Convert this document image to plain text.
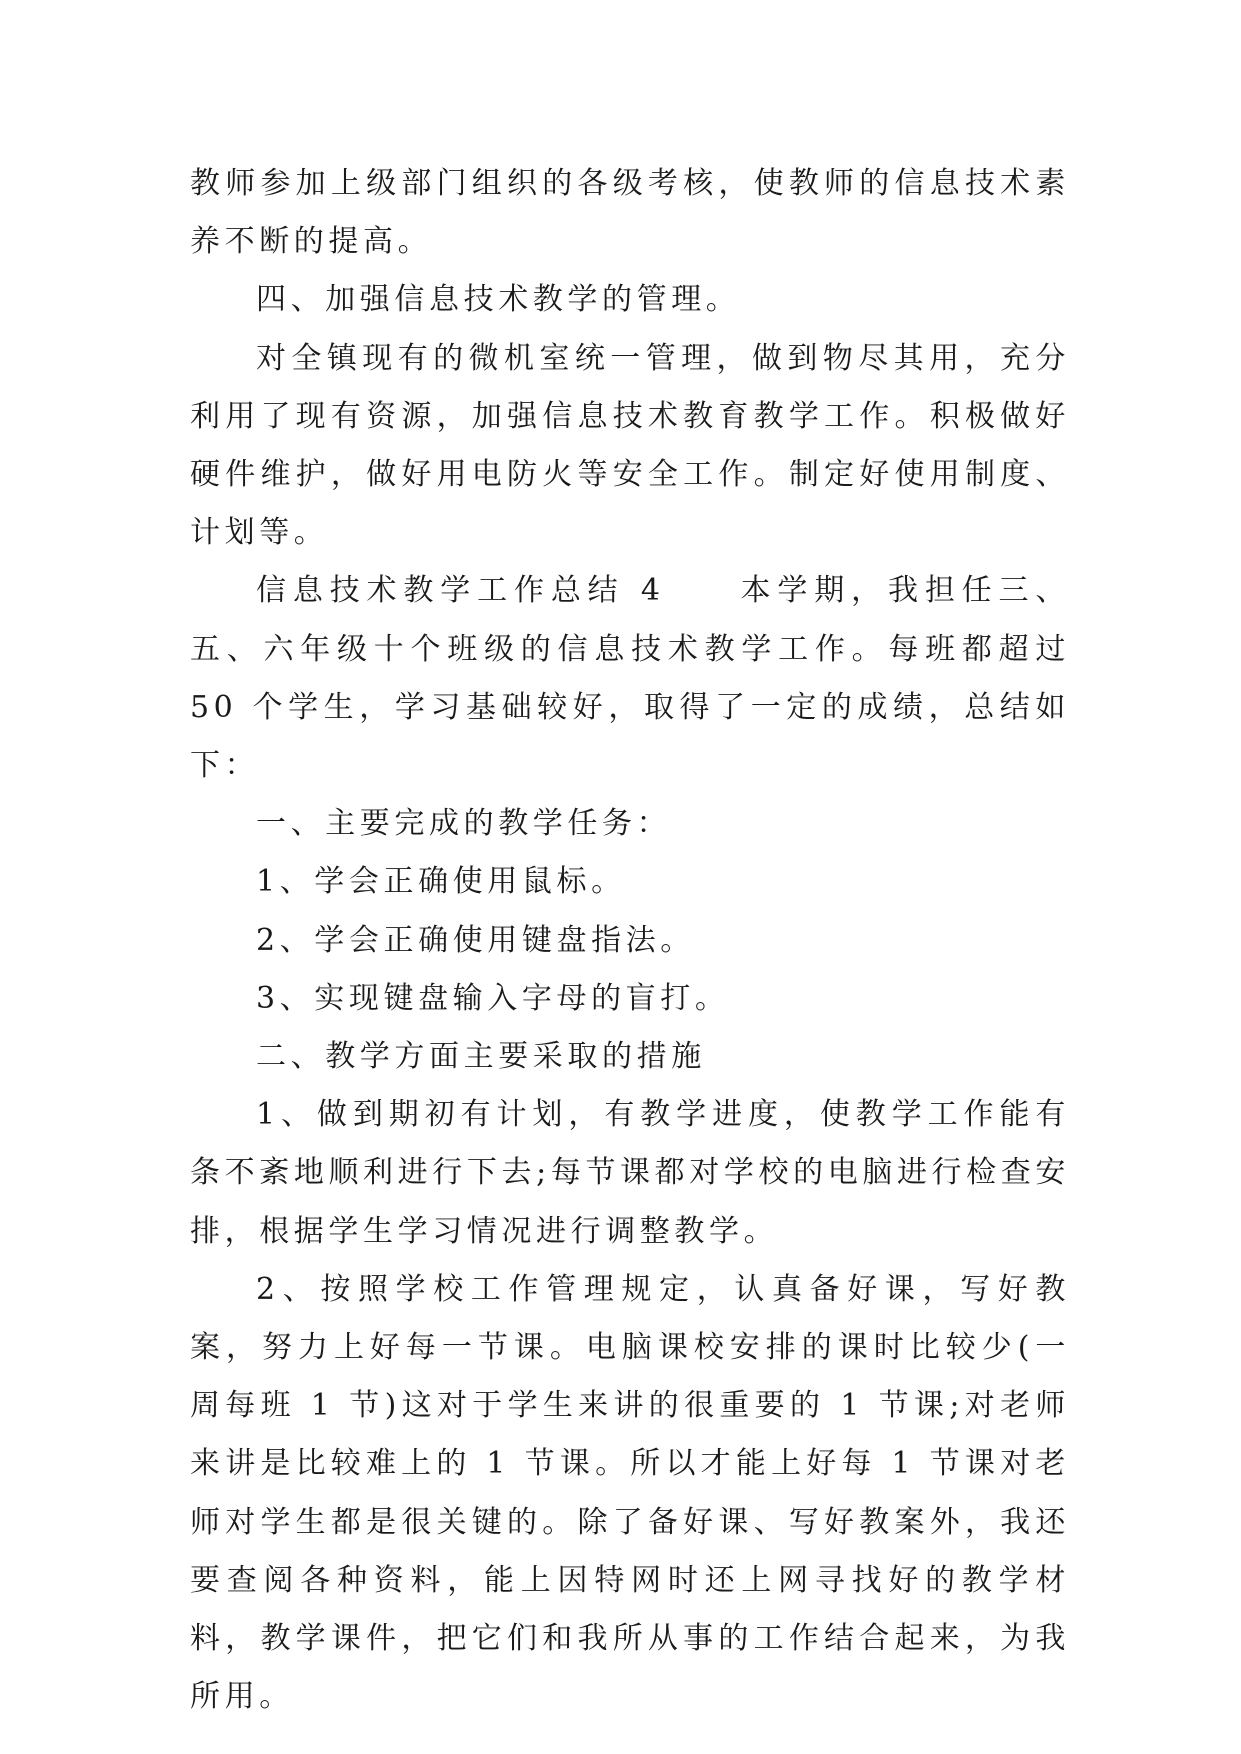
教师参加上级部门组织的各级考核，使教师的信息技术素养不断的提高。

四、加强信息技术教学的管理。

对全镇现有的微机室统一管理，做到物尽其用，充分利用了现有资源，加强信息技术教育教学工作。积极做好硬件维护，做好用电防火等安全工作。制定好使用制度、计划等。

信息技术教学工作总结 4　　本学期，我担任三、五、六年级十个班级的信息技术教学工作。每班都超过 50 个学生，学习基础较好，取得了一定的成绩，总结如下：

一、主要完成的教学任务：

1、学会正确使用鼠标。

2、学会正确使用键盘指法。

3、实现键盘输入字母的盲打。

二、教学方面主要采取的措施

1、做到期初有计划，有教学进度，使教学工作能有条不紊地顺利进行下去;每节课都对学校的电脑进行检查安排，根据学生学习情况进行调整教学。

2、按照学校工作管理规定，认真备好课，写好教案，努力上好每一节课。电脑课校安排的课时比较少(一周每班 1 节)这对于学生来讲的很重要的 1 节课;对老师来讲是比较难上的 1 节课。所以才能上好每 1 节课对老师对学生都是很关键的。除了备好课、写好教案外，我还要查阅各种资料，能上因特网时还上网寻找好的教学材料，教学课件，把它们和我所从事的工作结合起来，为我所用。
